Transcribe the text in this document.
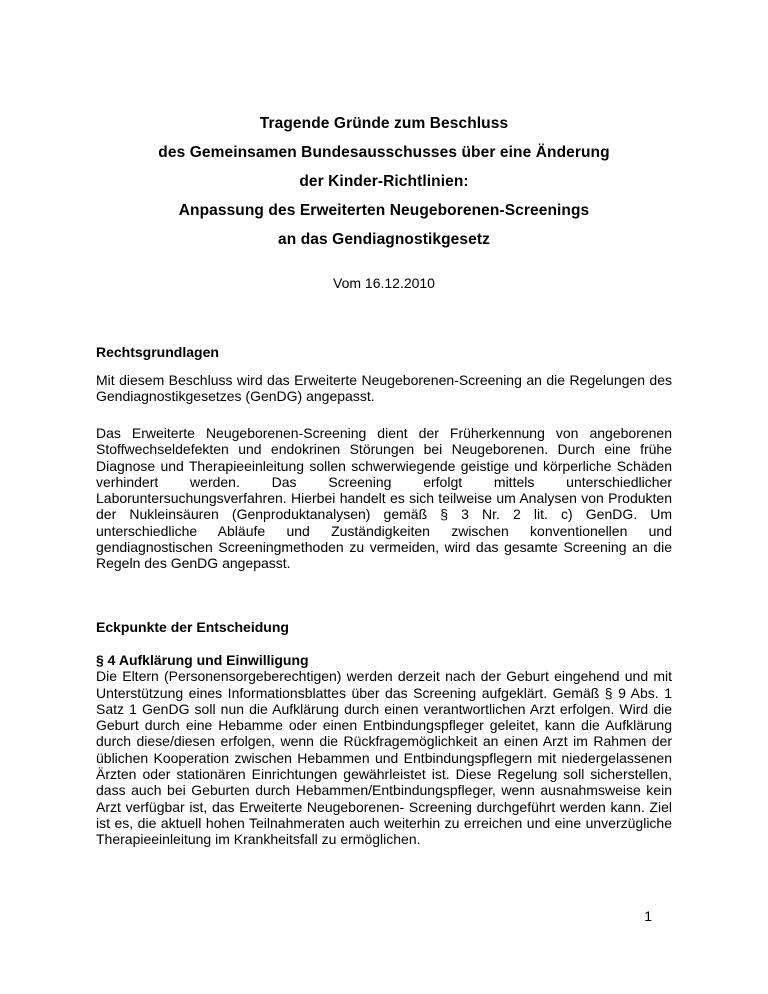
Tragende Gründe zum Beschluss
des Gemeinsamen Bundesausschusses über eine Änderung
der Kinder-Richtlinien:
Anpassung des Erweiterten Neugeborenen-Screenings
an das Gendiagnostikgesetz
Vom 16.12.2010
Rechtsgrundlagen

Mit diesem Beschluss wird das Erweiterte Neugeborenen-Screening an die Regelungen des Gendiagnostikgesetzes (GenDG) angepasst.

Das Erweiterte Neugeborenen-Screening dient der Früherkennung von angeborenen Stoffwechseldefekten und endokrinen Störungen bei Neugeborenen. Durch eine frühe Diagnose und Therapieeinleitung sollen schwerwiegende geistige und körperliche Schäden verhindert werden. Das Screening erfolgt mittels unterschiedlicher Laboruntersuchungsverfahren. Hierbei handelt es sich teilweise um Analysen von Produkten der Nukleinsäuren (Genproduktanalysen) gemäß § 3 Nr. 2 lit. c) GenDG. Um unterschiedliche Abläufe und Zuständigkeiten zwischen konventionellen und gendiagnostischen Screeningmethoden zu vermeiden, wird das gesamte Screening an die Regeln des GenDG angepasst.

Eckpunkte der Entscheidung
§ 4 Aufklärung und Einwilligung

Die Eltern (Personensorgeberechtigen) werden derzeit nach der Geburt eingehend und mit Unterstützung eines Informationsblattes über das Screening aufgeklärt. Gemäß § 9 Abs. 1 Satz 1 GenDG soll nun die Aufklärung durch einen verantwortlichen Arzt erfolgen. Wird die Geburt durch eine Hebamme oder einen Entbindungspfleger geleitet, kann die Aufklärung durch diese/diesen erfolgen, wenn die Rückfragemöglichkeit an einen Arzt im Rahmen der üblichen Kooperation zwischen Hebammen und Entbindungspflegern mit niedergelassenen Ärzten oder stationären Einrichtungen gewährleistet ist. Diese Regelung soll sicherstellen, dass auch bei Geburten durch Hebammen/Entbindungspfleger, wenn ausnahmsweise kein Arzt verfügbar ist, das Erweiterte Neugeborenen- Screening durchgeführt werden kann. Ziel ist es, die aktuell hohen Teilnahmeraten auch weiterhin zu erreichen und eine unverzügliche Therapieeinleitung im Krankheitsfall zu ermöglichen.

1
